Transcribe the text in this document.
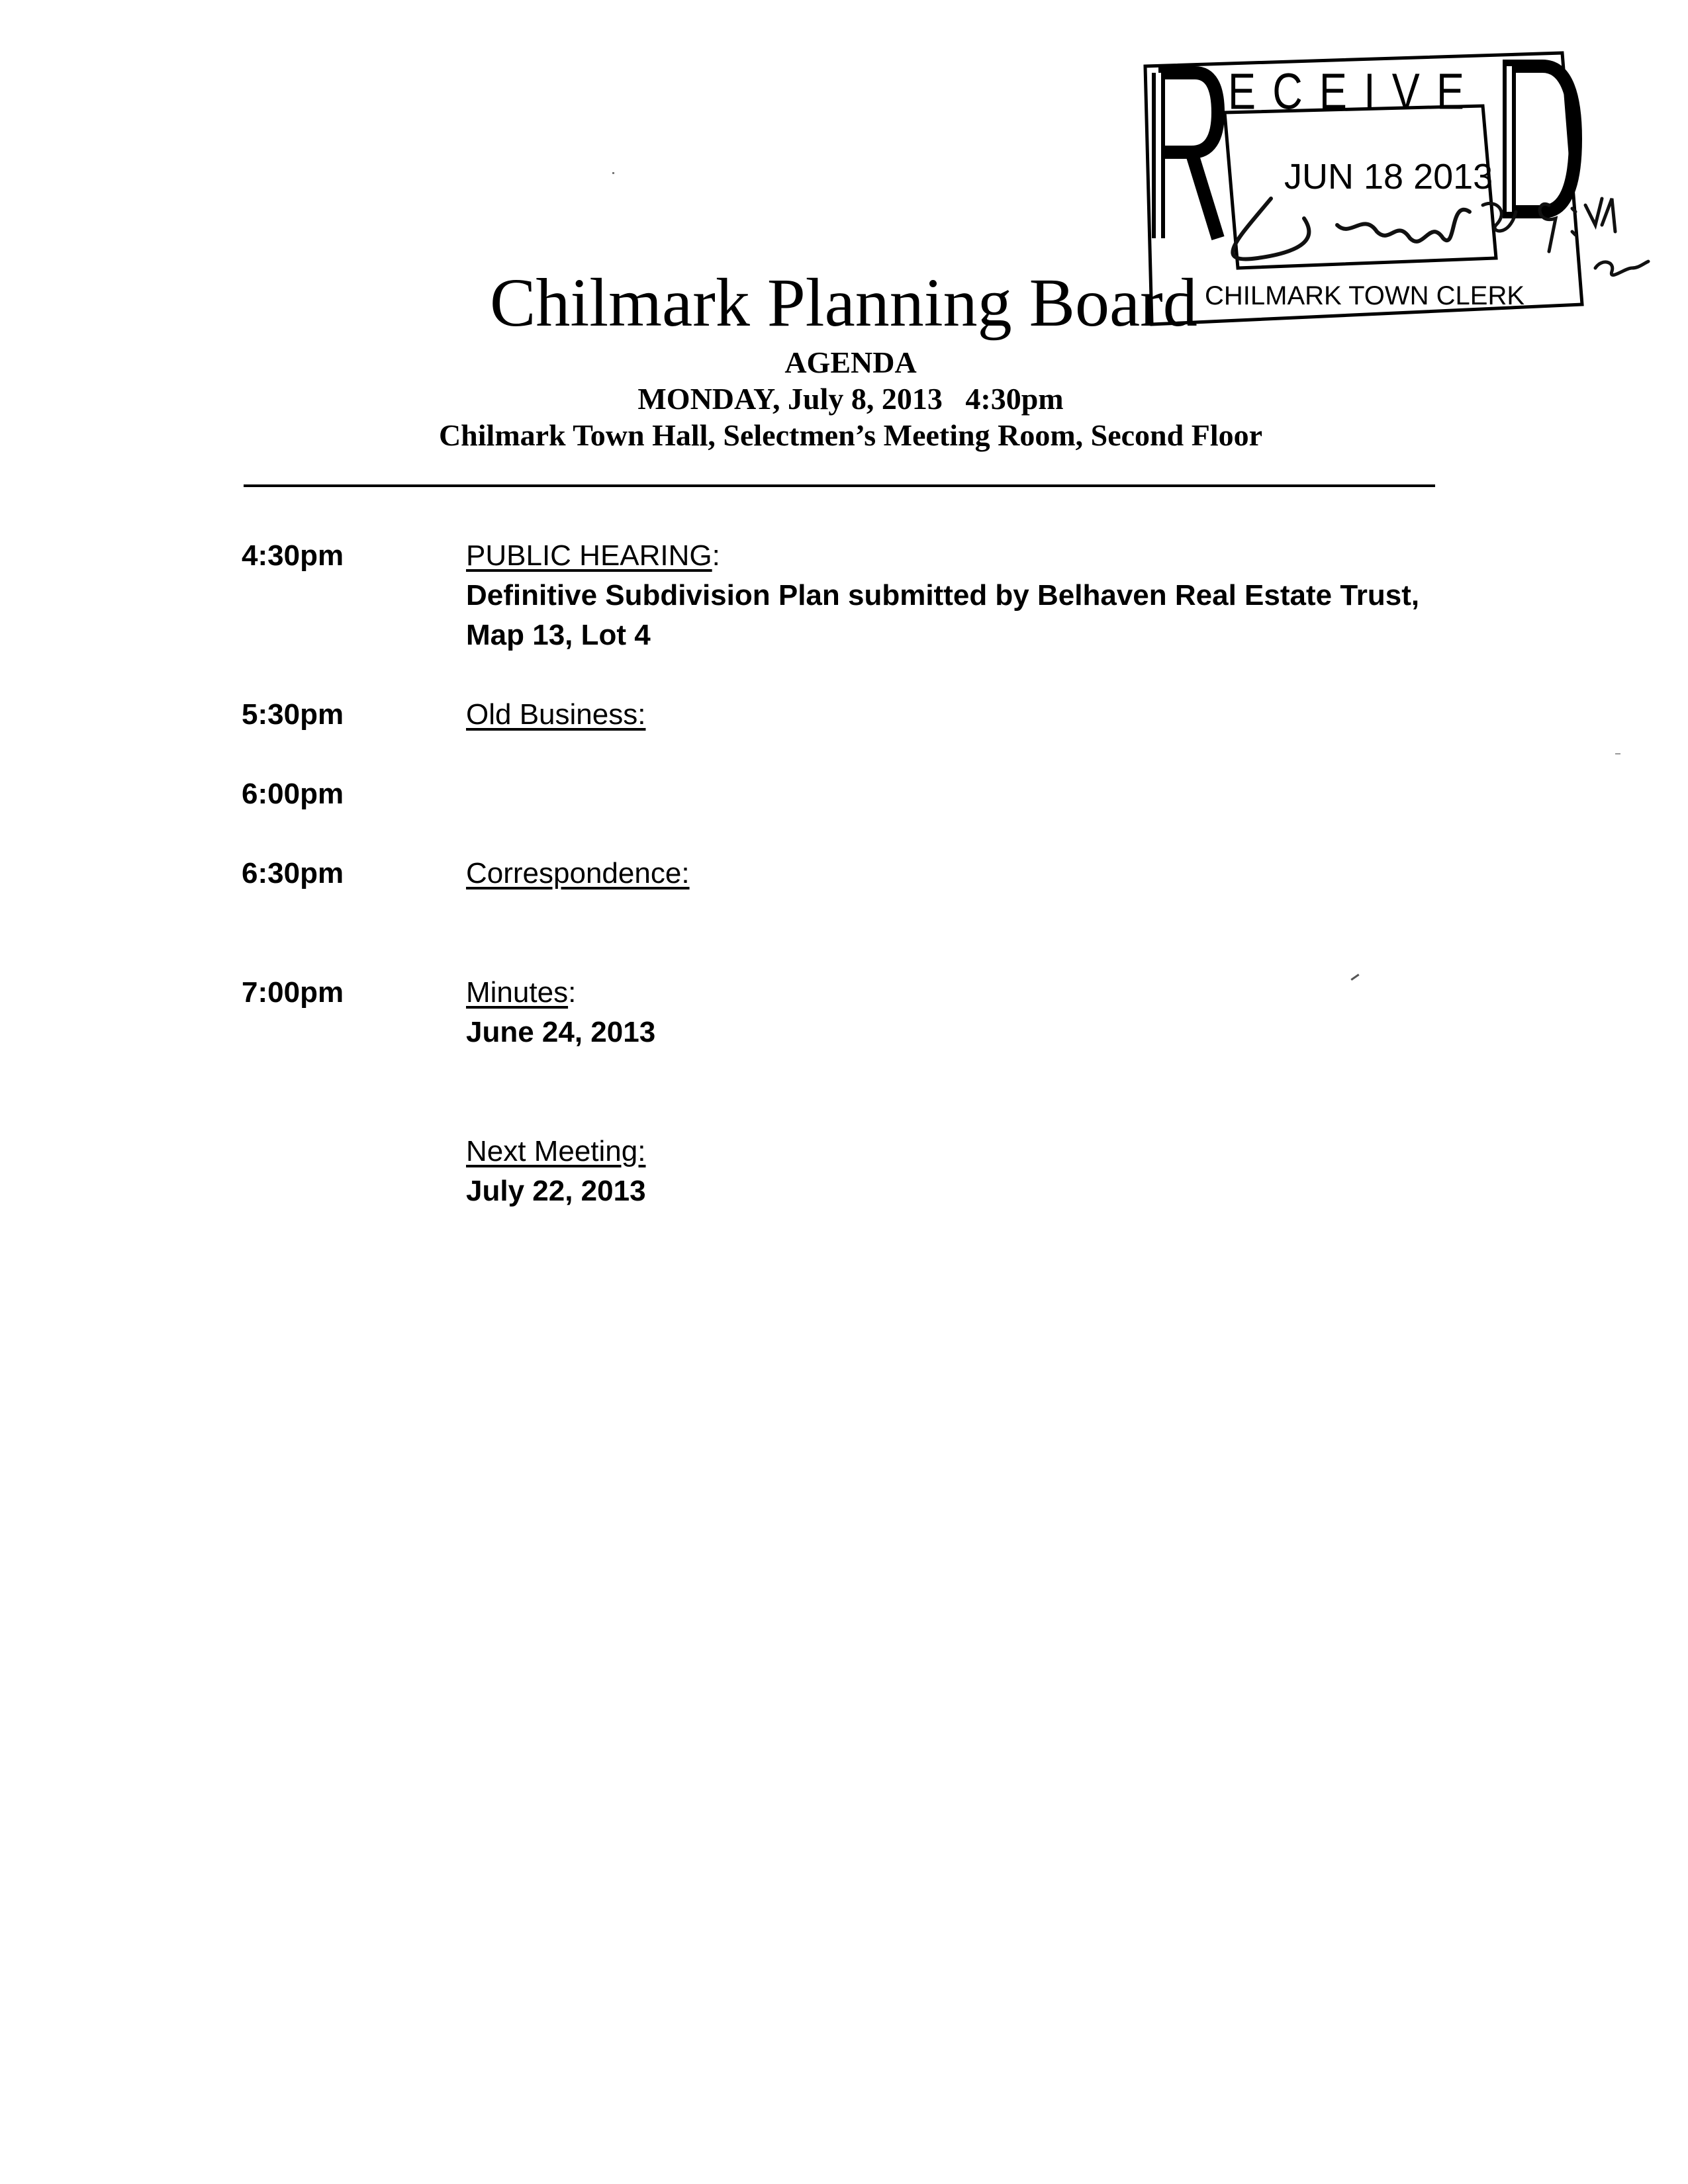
ECEIVE
JUN 18 2013
CHILMARK TOWN CLERK
Chilmark Planning Board
AGENDA
MONDAY, July 8, 2013   4:30pm
Chilmark Town Hall, Selectmen’s Meeting Room, Second Floor
4:30pm	PUBLIC HEARING:
Definitive Subdivision Plan submitted by Belhaven Real Estate Trust,
Map 13, Lot 4
5:30pm	Old Business:
6:00pm
6:30pm	Correspondence:
7:00pm	Minutes:
June 24, 2013
Next Meeting:
July 22, 2013
